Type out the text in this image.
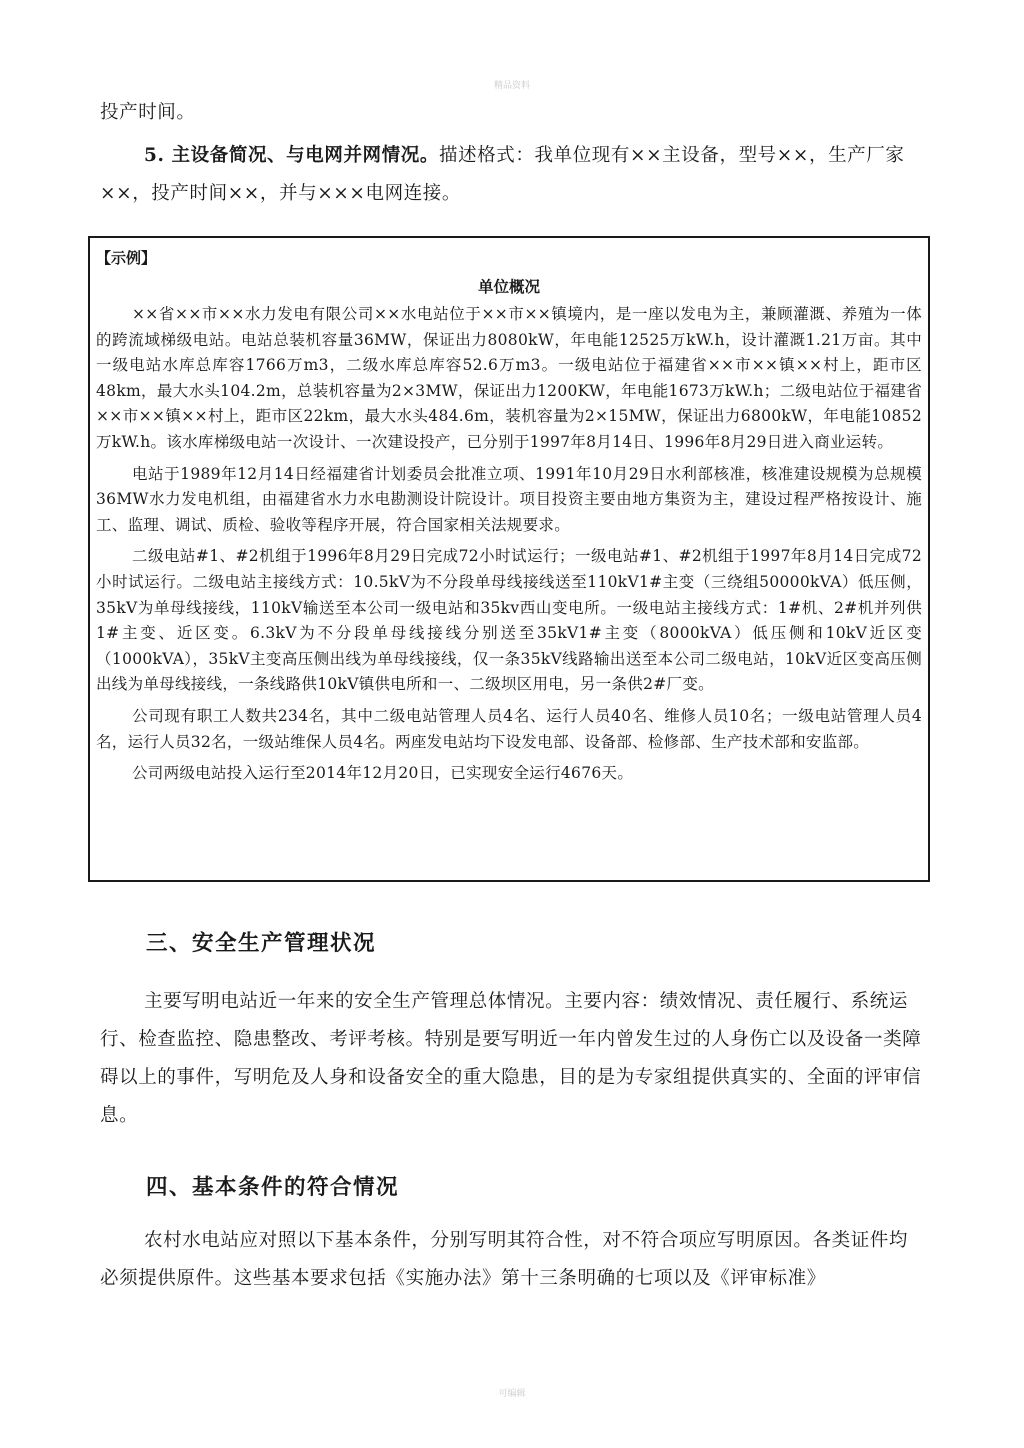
精品资料

投产时间。

5. 主设备简况、与电网并网情况。描述格式：我单位现有××主设备，型号××，生产厂家××，投产时间××，并与×××电网连接。

【示例】
单位概况

××省××市××水力发电有限公司××水电站位于××市××镇境内，是一座以发电为主，兼顾灌溉、养殖为一体的跨流域梯级电站。电站总装机容量36MW，保证出力8080kW，年电能12525万kW.h，设计灌溉1.21万亩。其中一级电站水库总库容1766万m3，二级水库总库容52.6万m3。一级电站位于福建省××市××镇××村上，距市区48km，最大水头104.2m，总装机容量为2×3MW，保证出力1200KW，年电能1673万kW.h；二级电站位于福建省××市××镇××村上，距市区22km，最大水头484.6m，装机容量为2×15MW，保证出力6800kW，年电能10852万kW.h。该水库梯级电站一次设计、一次建设投产，已分别于1997年8月14日、1996年8月29日进入商业运转。

电站于1989年12月14日经福建省计划委员会批准立项、1991年10月29日水利部核准，核准建设规模为总规模36MW水力发电机组，由福建省水力水电勘测设计院设计。项目投资主要由地方集资为主，建设过程严格按设计、施工、监理、调试、质检、验收等程序开展，符合国家相关法规要求。

二级电站#1、#2机组于1996年8月29日完成72小时试运行；一级电站#1、#2机组于1997年8月14日完成72小时试运行。二级电站主接线方式：10.5kV为不分段单母线接线送至110kV1#主变（三绕组50000kVA）低压侧，35kV为单母线接线，110kV输送至本公司一级电站和35kv西山变电所。一级电站主接线方式：1#机、2#机并列供1#主变、近区变。6.3kV为不分段单母线接线分别送至35kV1#主变（8000kVA）低压侧和10kV近区变（1000kVA），35kV主变高压侧出线为单母线接线，仅一条35kV线路输出送至本公司二级电站，10kV近区变高压侧出线为单母线接线，一条线路供10kV镇供电所和一、二级坝区用电，另一条供2#厂变。

公司现有职工人数共234名，其中二级电站管理人员4名、运行人员40名、维修人员10名；一级电站管理人员4名，运行人员32名，一级站维保人员4名。两座发电站均下设发电部、设备部、检修部、生产技术部和安监部。

公司两级电站投入运行至2014年12月20日，已实现安全运行4676天。

三、安全生产管理状况

主要写明电站近一年来的安全生产管理总体情况。主要内容：绩效情况、责任履行、系统运行、检查监控、隐患整改、考评考核。特别是要写明近一年内曾发生过的人身伤亡以及设备一类障碍以上的事件，写明危及人身和设备安全的重大隐患，目的是为专家组提供真实的、全面的评审信息。

四、基本条件的符合情况

农村水电站应对照以下基本条件，分别写明其符合性，对不符合项应写明原因。各类证件均必须提供原件。这些基本要求包括《实施办法》第十三条明确的七项以及《评审标准》

可编辑
